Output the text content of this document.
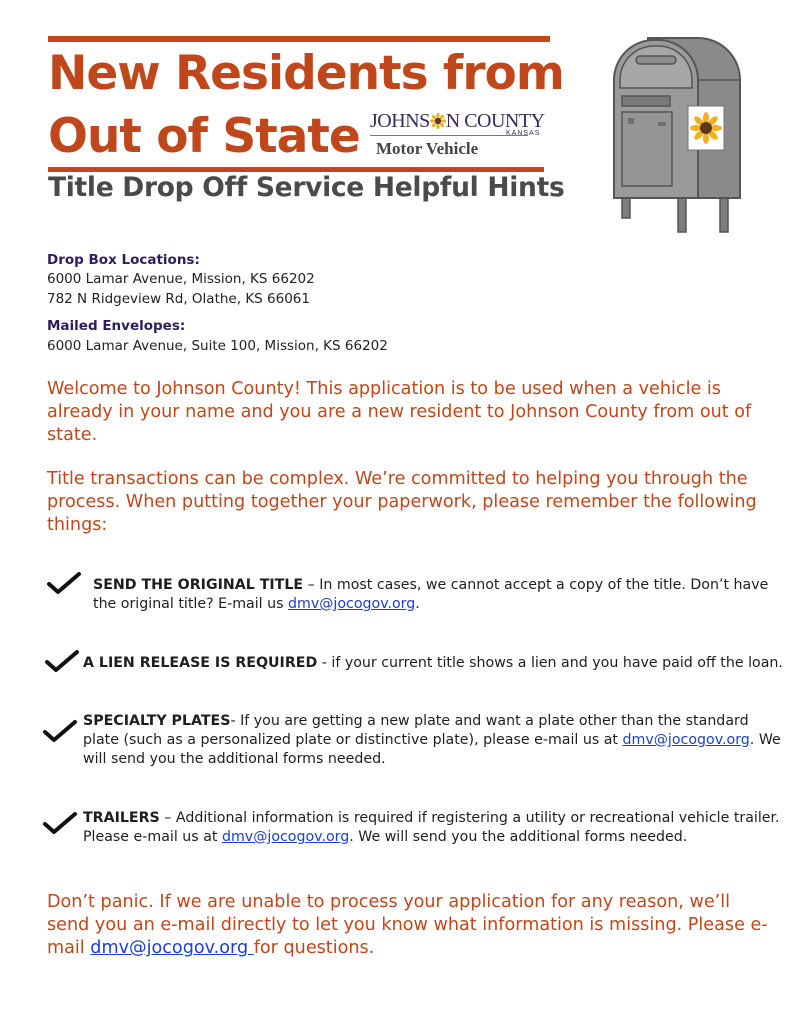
New Residents from
Out of State
Title Drop Off Service Helpful Hints
JOHNS N COUNTY
KANSAS
Motor Vehicle
Drop Box Locations:
6000 Lamar Avenue, Mission, KS 66202
782 N Ridgeview Rd, Olathe, KS 66061
Mailed Envelopes:
6000 Lamar Avenue, Suite 100, Mission, KS 66202
Welcome to Johnson County! This application is to be used when a vehicle is already in your name and you are a new resident to Johnson County from out of state.
Title transactions can be complex. We’re committed to helping you through the process. When putting together your paperwork, please remember the following things:
SEND THE ORIGINAL TITLE – In most cases, we cannot accept a copy of the title. Don’t have the original title? E-mail us dmv@jocogov.org.
A LIEN RELEASE IS REQUIRED - if your current title shows a lien and you have paid off the loan.
SPECIALTY PLATES- If you are getting a new plate and want a plate other than the standard plate (such as a personalized plate or distinctive plate), please e-mail us at dmv@jocogov.org. We will send you the additional forms needed.
TRAILERS – Additional information is required if registering a utility or recreational vehicle trailer. Please e-mail us at dmv@jocogov.org. We will send you the additional forms needed.
Don’t panic. If we are unable to process your application for any reason, we’ll send you an e-mail directly to let you know what information is missing. Please e-mail dmv@jocogov.org for questions.
